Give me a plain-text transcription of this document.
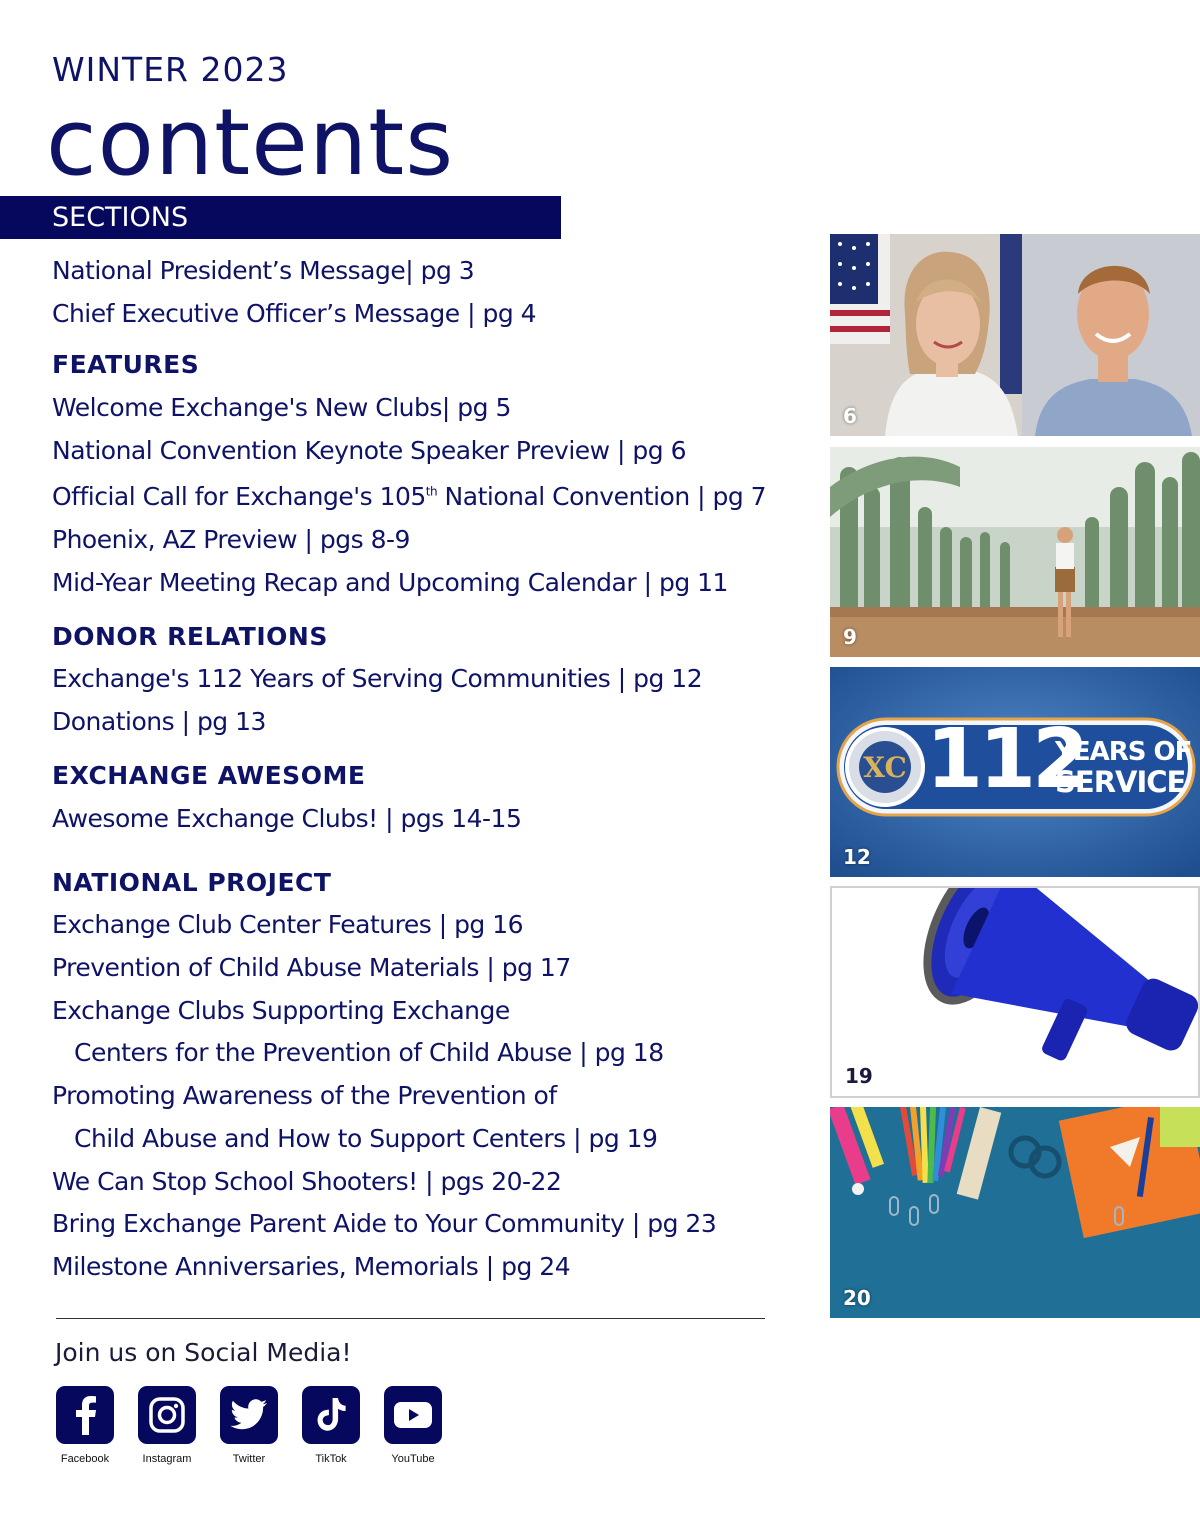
WINTER 2023
contents
SECTIONS
National President’s Message| pg 3
Chief Executive Officer’s Message | pg 4
FEATURES
Welcome Exchange's New Clubs| pg 5
National Convention Keynote Speaker Preview | pg 6
Official Call for Exchange's 105th National Convention | pg 7
Phoenix, AZ Preview | pgs 8-9
Mid-Year Meeting Recap and Upcoming Calendar | pg 11
DONOR RELATIONS
Exchange's 112 Years of Serving Communities | pg 12
Donations | pg 13
EXCHANGE AWESOME
Awesome Exchange Clubs! | pgs 14-15
NATIONAL PROJECT
Exchange Club Center Features | pg 16
Prevention of Child Abuse Materials | pg 17
Exchange Clubs Supporting Exchange
Centers for the Prevention of Child Abuse | pg 18
Promoting Awareness of the Prevention of
Child Abuse and How to Support Centers | pg 19
We Can Stop School Shooters! | pgs 20-22
Bring Exchange Parent Aide to Your Community | pg 23
Milestone Anniversaries, Memorials | pg 24
Join us on Social Media!
Facebook	Instagram	Twitter	TikTok	YouTube
6
9
XC 112
YEARS OF
SERVICE
12
19
20
